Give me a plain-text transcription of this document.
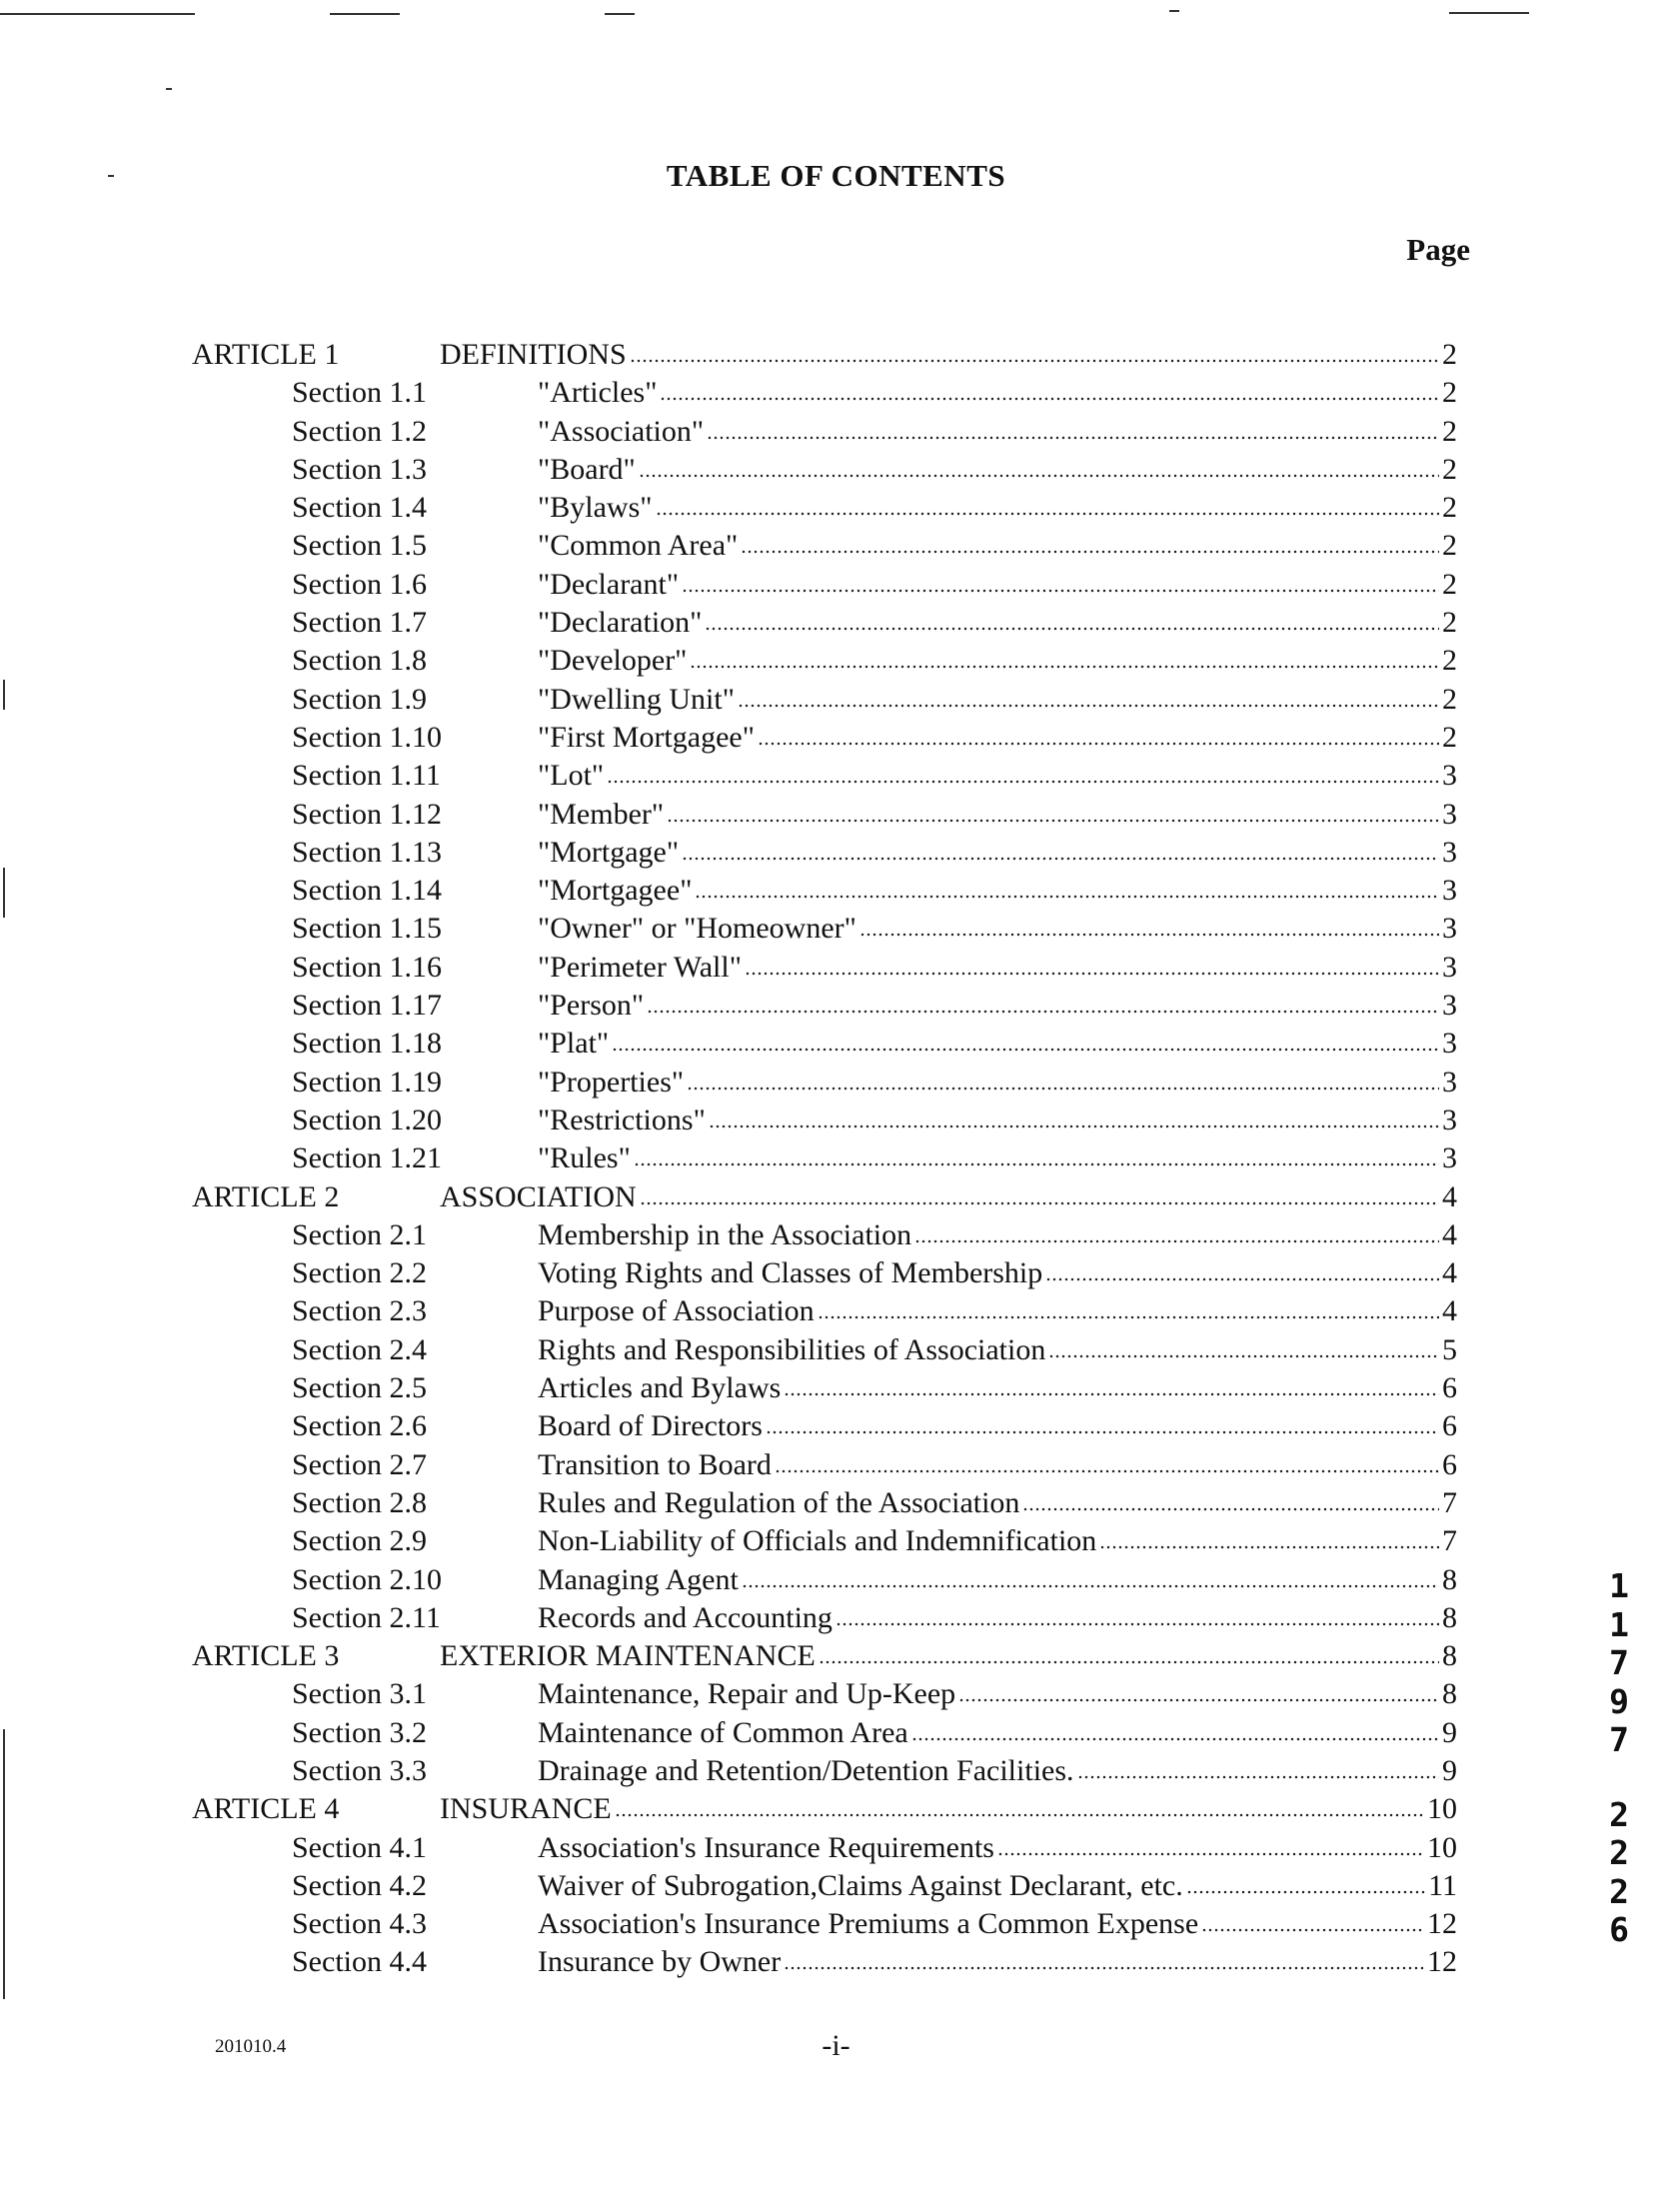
TABLE OF CONTENTS
Page
ARTICLE 1	DEFINITIONS	2
Section 1.1	"Articles"	2
Section 1.2	"Association"	2
Section 1.3	"Board"	2
Section 1.4	"Bylaws"	2
Section 1.5	"Common Area"	2
Section 1.6	"Declarant"	2
Section 1.7	"Declaration"	2
Section 1.8	"Developer"	2
Section 1.9	"Dwelling Unit"	2
Section 1.10	"First Mortgagee"	2
Section 1.11	"Lot"	3
Section 1.12	"Member"	3
Section 1.13	"Mortgage"	3
Section 1.14	"Mortgagee"	3
Section 1.15	"Owner" or "Homeowner"	3
Section 1.16	"Perimeter Wall"	3
Section 1.17	"Person"	3
Section 1.18	"Plat"	3
Section 1.19	"Properties"	3
Section 1.20	"Restrictions"	3
Section 1.21	"Rules"	3
ARTICLE 2	ASSOCIATION	4
Section 2.1	Membership in the Association	4
Section 2.2	Voting Rights and Classes of Membership	4
Section 2.3	Purpose of Association	4
Section 2.4	Rights and Responsibilities of Association	5
Section 2.5	Articles and Bylaws	6
Section 2.6	Board of Directors	6
Section 2.7	Transition to Board	6
Section 2.8	Rules and Regulation of the Association	7
Section 2.9	Non-Liability of Officials and Indemnification	7
Section 2.10	Managing Agent	8
Section 2.11	Records and Accounting	8
ARTICLE 3	EXTERIOR MAINTENANCE	8
Section 3.1	Maintenance, Repair and Up-Keep	8
Section 3.2	Maintenance of Common Area	9
Section 3.3	Drainage and Retention/Detention Facilities.	9
ARTICLE 4	INSURANCE	10
Section 4.1	Association's Insurance Requirements	10
Section 4.2	Waiver of Subrogation,Claims Against Declarant, etc.	11
Section 4.3	Association's Insurance Premiums a Common Expense	12
Section 4.4	Insurance by Owner	12
201010.4	-i-
1
1
7
9
7
2
2
2
6
